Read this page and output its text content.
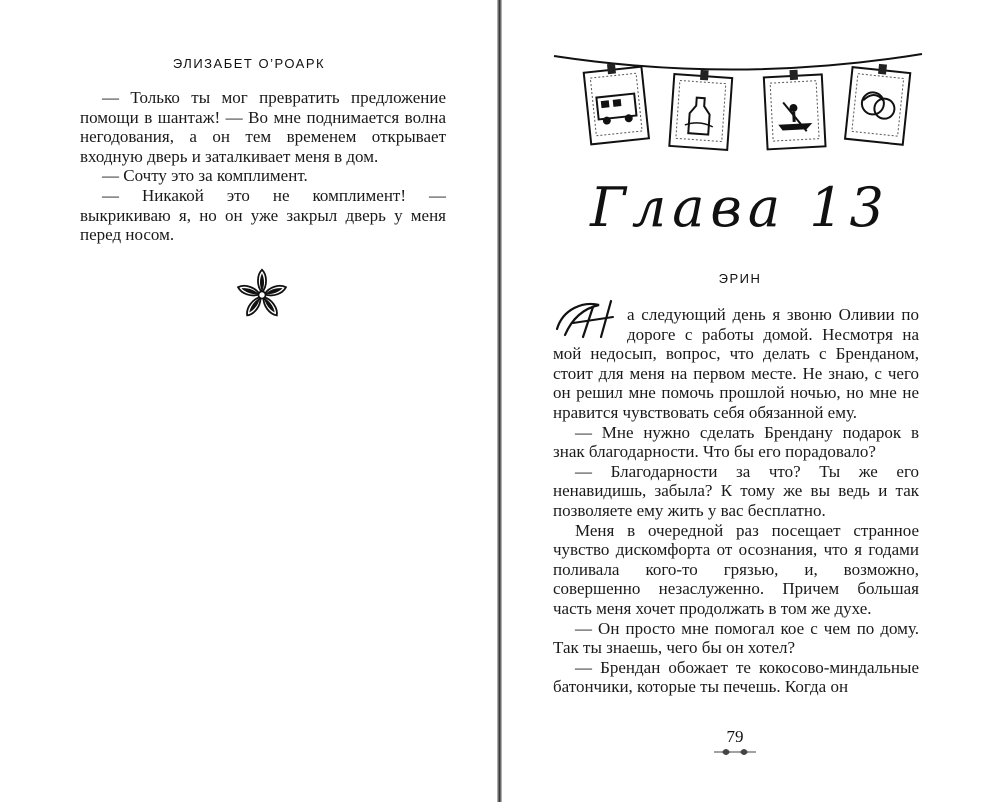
ЭЛИЗАБЕТ О’РОАРК

— Только ты мог превратить предложение помощи в шантаж! — Во мне поднимается волна негодования, а он тем временем открывает входную дверь и заталкивает меня в дом.

— Сочту это за комплимент.

— Никакой это не комплимент! — выкрикиваю я, но он уже закрыл дверь у меня перед носом.	Глава 13
ЭРИН

Н
а следующий день я звоню Оливии по дороге с работы домой. Несмотря на мой недосып, вопрос, что делать с Бренданом, стоит для меня на первом месте. Не знаю, с чего он решил мне помочь прошлой ночью, но мне не нравится чувствовать себя обязанной ему.

— Мне нужно сделать Брендану подарок в знак благодарности. Что бы его порадовало?

— Благодарности за что? Ты же его ненавидишь, забыла? К тому же вы ведь и так позволяете ему жить у вас бесплатно.

Меня в очередной раз посещает странное чувство дискомфорта от осознания, что я годами поливала кого-то грязью, и, возможно, совершенно незаслуженно. Причем большая часть меня хочет продолжать в том же духе.

— Он просто мне помогал кое с чем по дому. Так ты знаешь, чего бы он хотел?

— Брендан обожает те кокосово-миндальные батончики, которые ты печешь. Когда он

79
